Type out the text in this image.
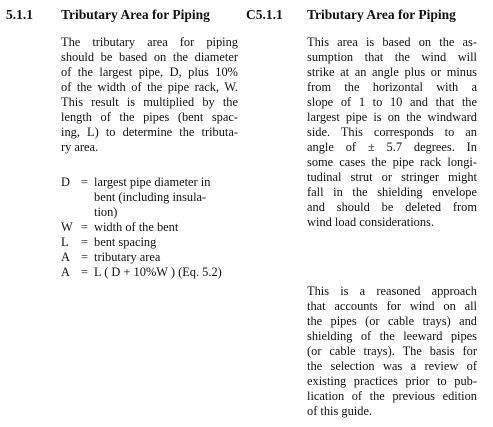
5.1.1 Tributary Area for Piping	C5.1.1 Tributary Area for Piping
The tributary area for piping
should be based on the diameter
of the largest pipe, D, plus 10%
of the width of the pipe rack, W.
This result is multiplied by the
length of the pipes (bent spac-
ing, L) to determine the tributa-
ry area.
D = largest pipe diameter in
bent (including insula-
tion)
W = width of the bent
L	= bent spacing
A = tributary area
A = L ( D + 10%W ) (Eq. 5.2)
This area is based on the as-
sumption that the wind will
strike at an angle plus or minus
from the horizontal with a
slope of 1 to 10 and that the
largest pipe is on the windward
side. This corresponds to an
angle of ± 5.7 degrees. In
some cases the pipe rack longi-
tudinal strut or stringer might
fall in the shielding envelope
and should be deleted from
wind load considerations.
This is a reasoned approach
that accounts for wind on all
the pipes (or cable trays) and
shielding of the leeward pipes
(or cable trays). The basis for
the selection was a review of
existing practices prior to pub-
lication of the previous edition
of this guide.
